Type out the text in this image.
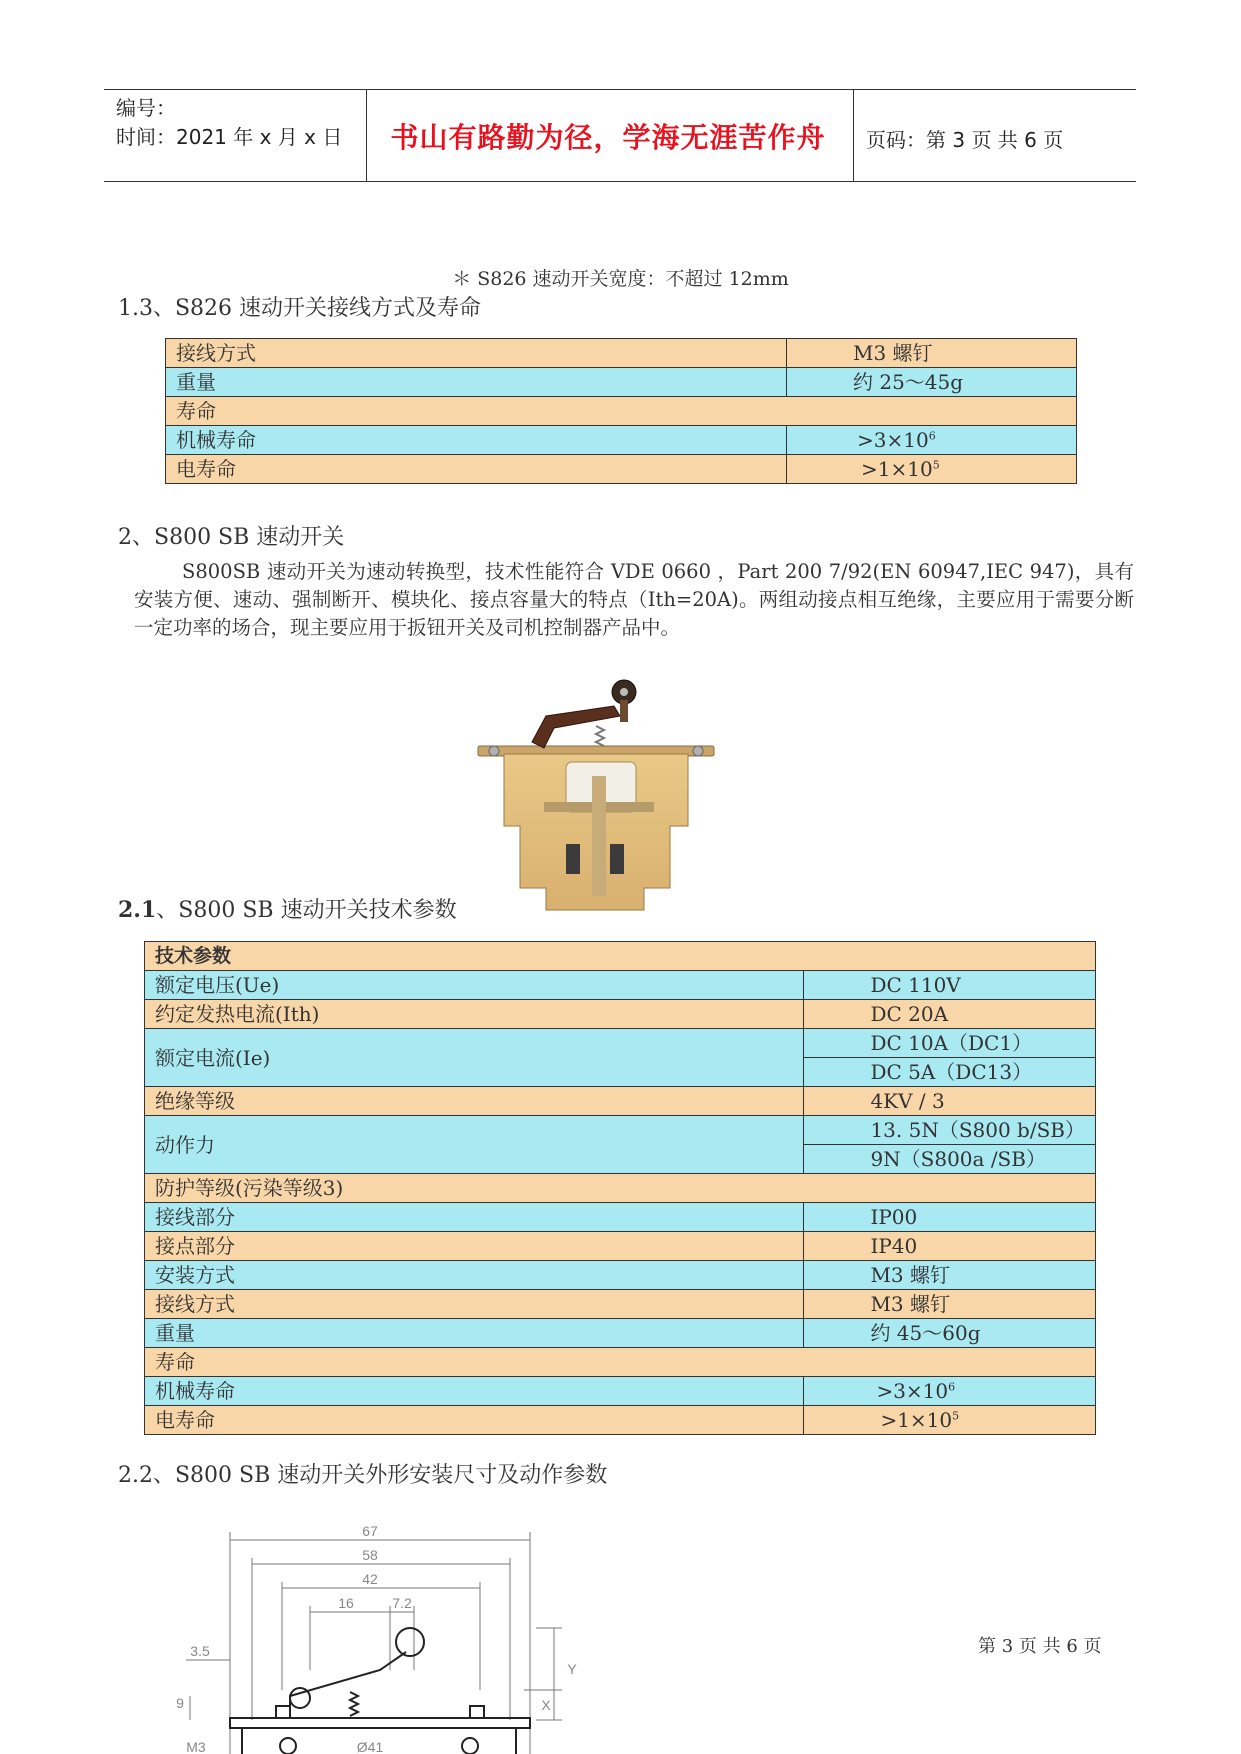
编号：
时间：2021 年 x 月 x 日	书山有路勤为径，学海无涯苦作舟	页码：第 3 页 共 6 页
＊ S826 速动开关宽度：不超过 12mm
1.3、S826 速动开关接线方式及寿命
接线方式	M3 螺钉
重量	约 25～45g
寿命	
机械寿命	$>3\times 10^6$
电寿命	$>1\times 10^5$
2、S800 SB 速动开关
S800SB 速动开关为速动转换型，技术性能符合 VDE 0660 ，Part 200 7/92(EN 60947,IEC 947)，具有安装方便、速动、强制断开、模块化、接点容量大的特点（Ith=20A)。两组动接点相互绝缘，主要应用于需要分断一定功率的场合，现主要应用于扳钮开关及司机控制器产品中。
2.1、S800 SB 速动开关技术参数
技术参数	
额定电压(Ue)	DC 110V
约定发热电流(Ith)	DC 20A
额定电流(Ie)	DC 10A（DC1）
	DC 5A（DC13）
绝缘等级	4KV / 3
动作力	13. 5N（S800 b/SB）
	9N（S800a /SB）
防护等级(污染等级3)	
接线部分	IP00
接点部分	IP40
安装方式	M3 螺钉
接线方式	M3 螺钉
重量	约 45～60g
寿命	
机械寿命	$>3\times 10^6$
电寿命	$>1\times 10^5$
2.2、S800 SB 速动开关外形安装尺寸及动作参数
67
58
42
16	7.2
3.5
9
Y
X
Ø41
M3
第 3 页 共 6 页
